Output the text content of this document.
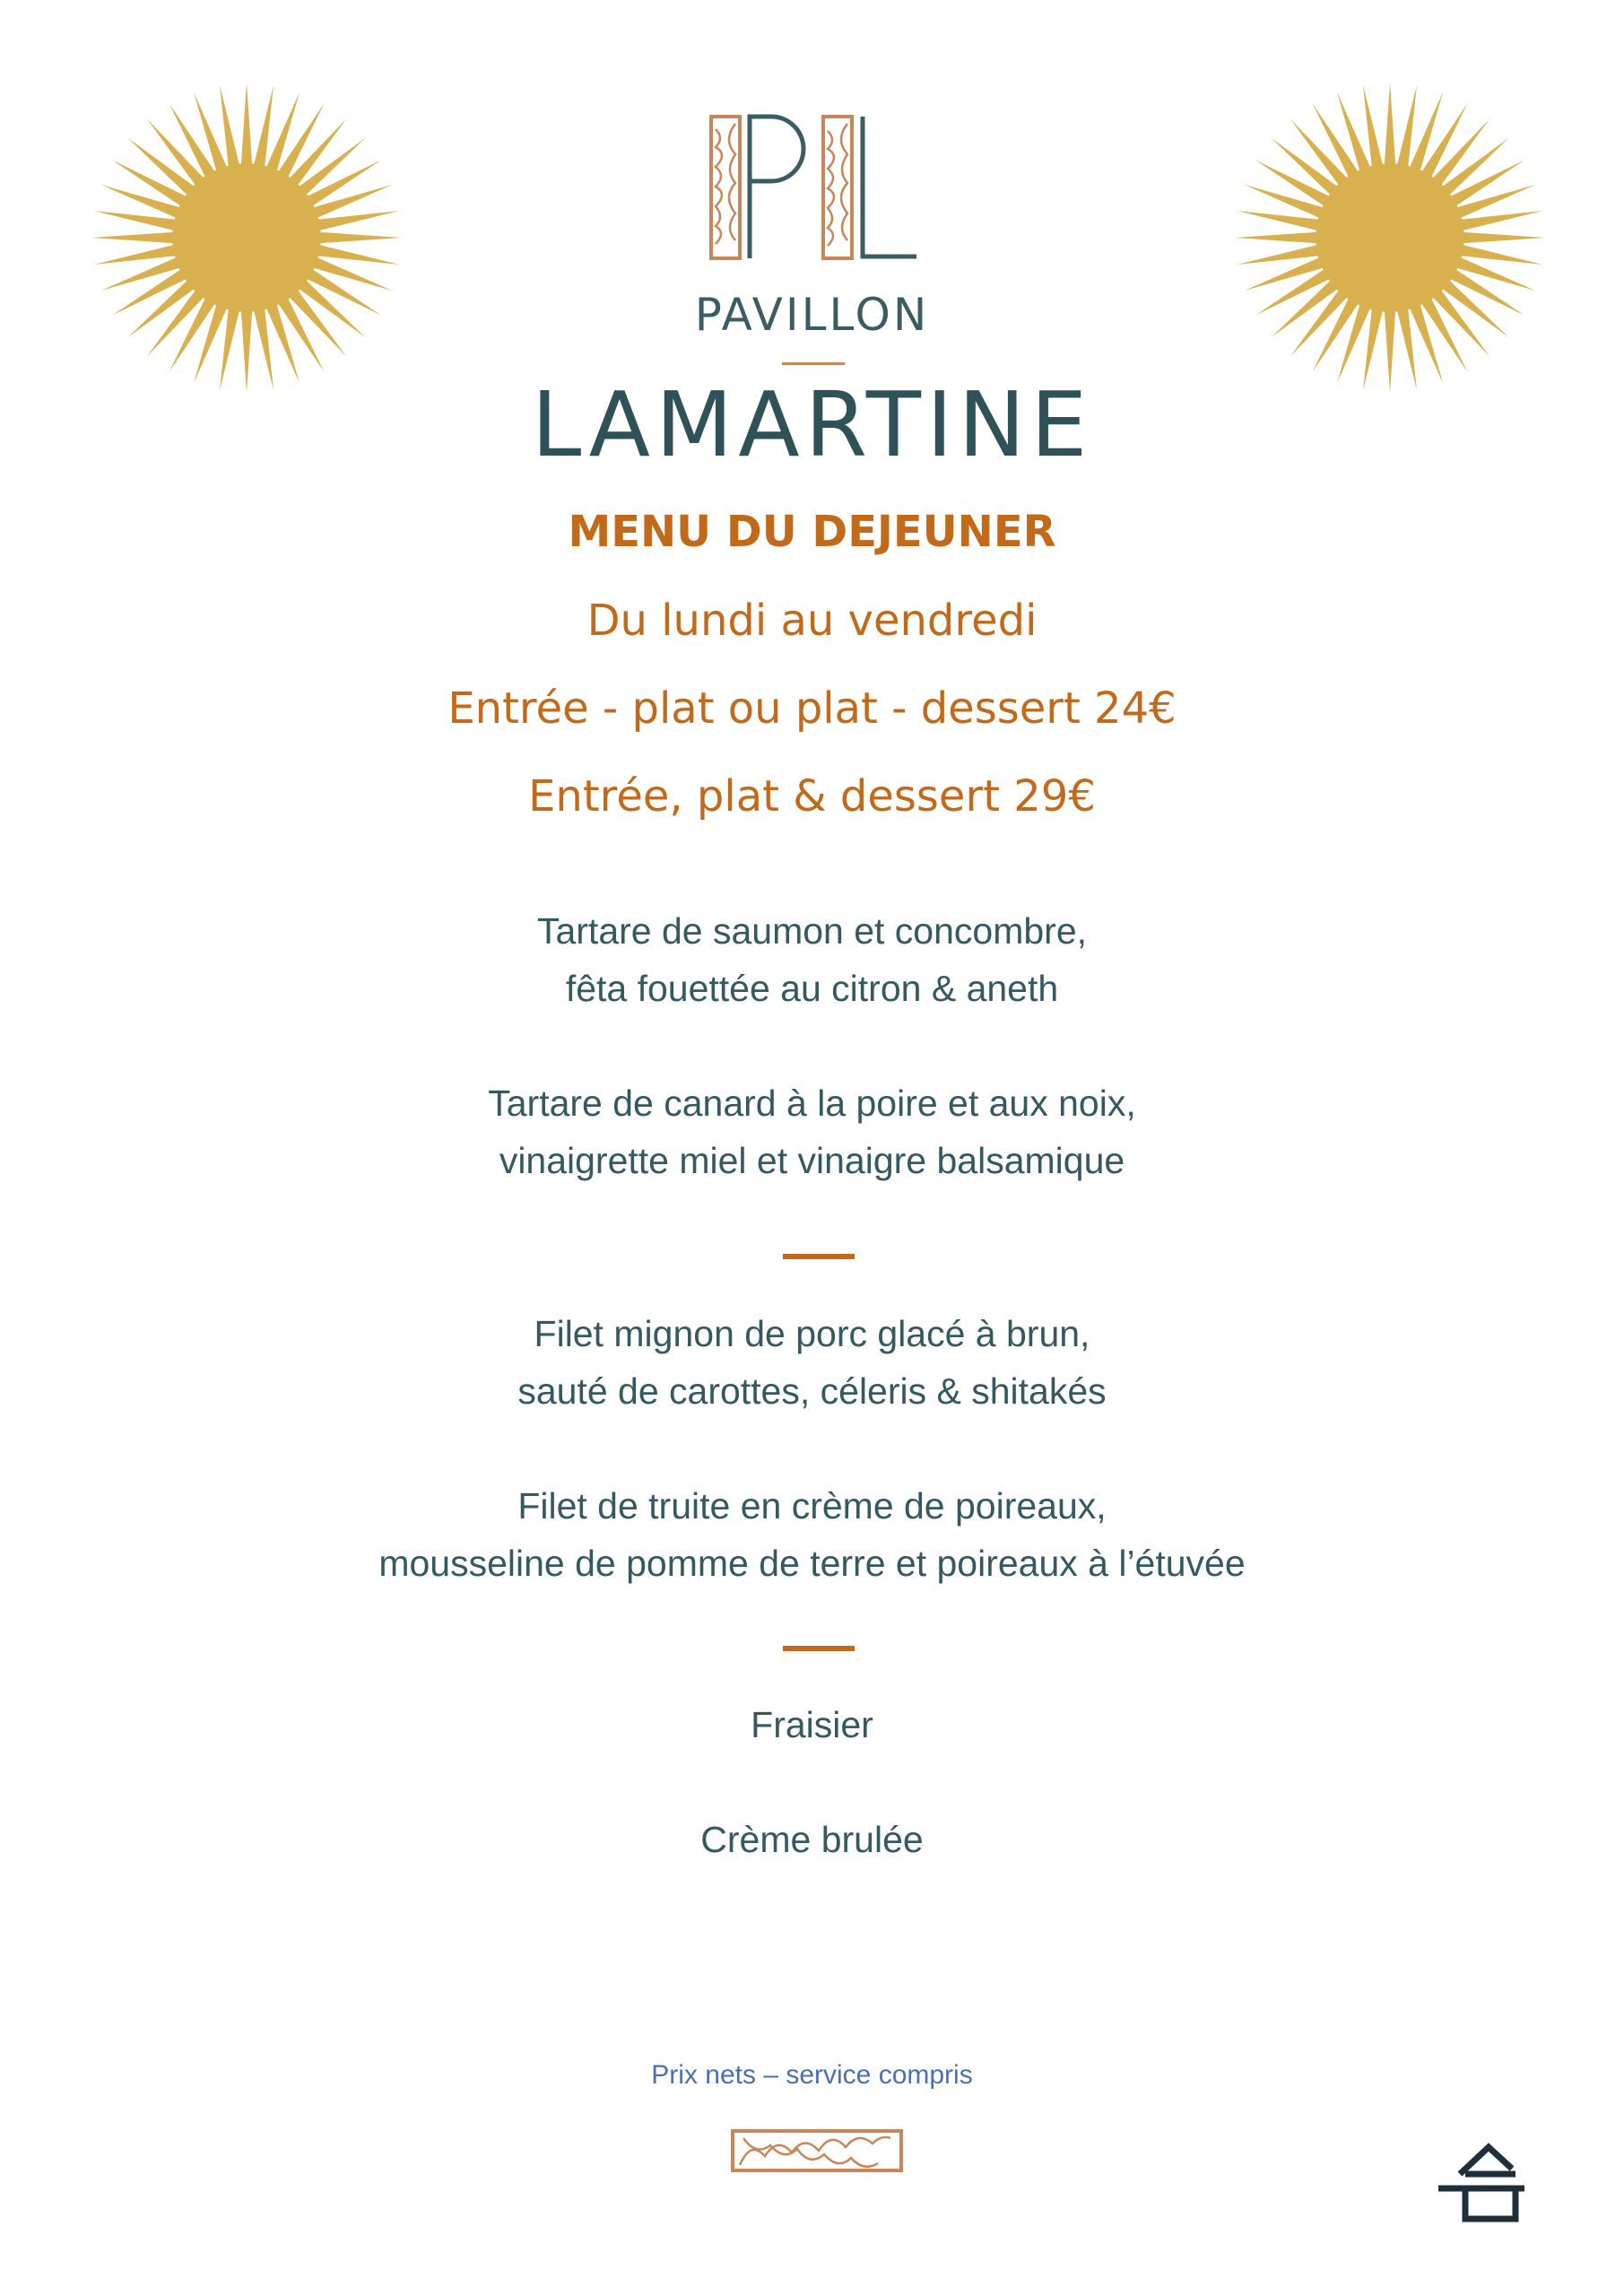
PAVILLON
LAMARTINE
MENU DU DEJEUNER
Du lundi au vendredi
Entrée - plat ou plat - dessert 24€
Entrée, plat & dessert 29€
Tartare de saumon et concombre,
fêta fouettée au citron & aneth
Tartare de canard à la poire et aux noix,
vinaigrette miel et vinaigre balsamique
Filet mignon de porc glacé à brun,
sauté de carottes, céleris & shitakés
Filet de truite en crème de poireaux,
mousseline de pomme de terre et poireaux à l’étuvée
Fraisier
Crème brulée
Prix nets – service compris
